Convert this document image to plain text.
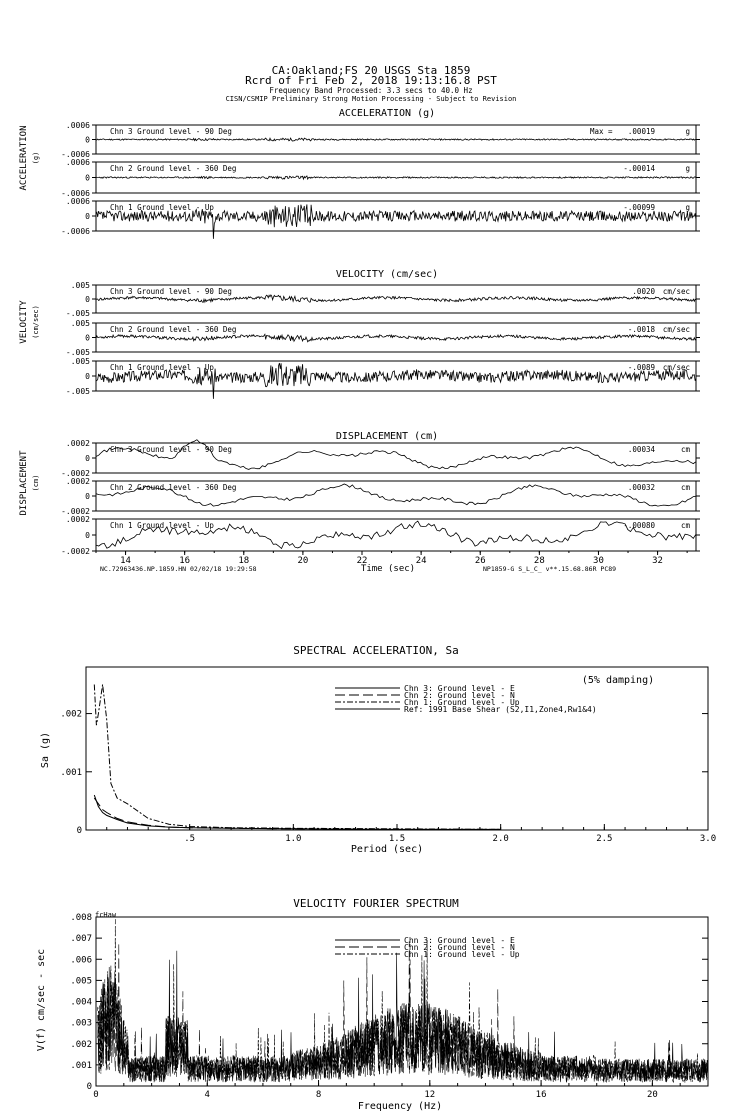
CA:Oakland;FS 20 USGS Sta 1859
Rcrd of Fri Feb 2, 2018 19:13:16.8 PST
Frequency Band Processed: 3.3 secs to 40.0 Hz
CISN/CSMIP Preliminary Strong Motion Processing - Subject to Revision
ACCELERATION (g)
ACCELERATION (g)
.0006
0
-.0006
Chn 3 Ground level - 90 Deg	Max = .00019	g
.0006
0
-.0006
Chn 2 Ground level - 360 Deg	-.00014	g
.0006
0
-.0006
Chn 1 Ground level - Up	-.00099	g
VELOCITY (cm/sec)
VELOCITY (cm/sec)
.005
0
-.005
Chn 3 Ground level - 90 Deg	.0020 cm/sec
.005
0
-.005
Chn 2 Ground level - 360 Deg	-.0018 cm/sec
.005
0
-.005
Chn 1 Ground level - Up	-.0089 cm/sec
DISPLACEMENT (cm)
DISPLACEMENT (cm)
.0002
0
-.0002
Chn 3 Ground level - 90 Deg	.00034	cm
.0002
0
-.0002
Chn 2 Ground level - 360 Deg	.00032	cm
.0002
0
-.0002
Chn 1 Ground level - Up	-.00080	cm
14	16	18	20	22	24	26	28	30	32
Time (sec)
NC.72963436.NP.1859.HN 02/02/18 19:29:58	NP1859-G S_L_C_ v**.15.68.86R PC89
SPECTRAL ACCELERATION, Sa
(5% damping)
Sa (g)
Period (sec)
.5	1.0	1.5	2.0	2.5	3.0
.002
.001
0
Chn 3: Ground level - E
Chn 2: Ground level - N
Chn 1: Ground level - Up
Ref: 1991 Base Shear (S2,I1,Zone4,Rw1&4)
VELOCITY FOURIER SPECTRUM
fcHaw
V(f) cm/sec - sec
Frequency (Hz)
0	4	8	12	16	20
.008
.007
.006
.005
.004
.003
.002
.001
0
Chn 3: Ground level - E
Chn 2: Ground level - N
Chn 1: Ground level - Up
